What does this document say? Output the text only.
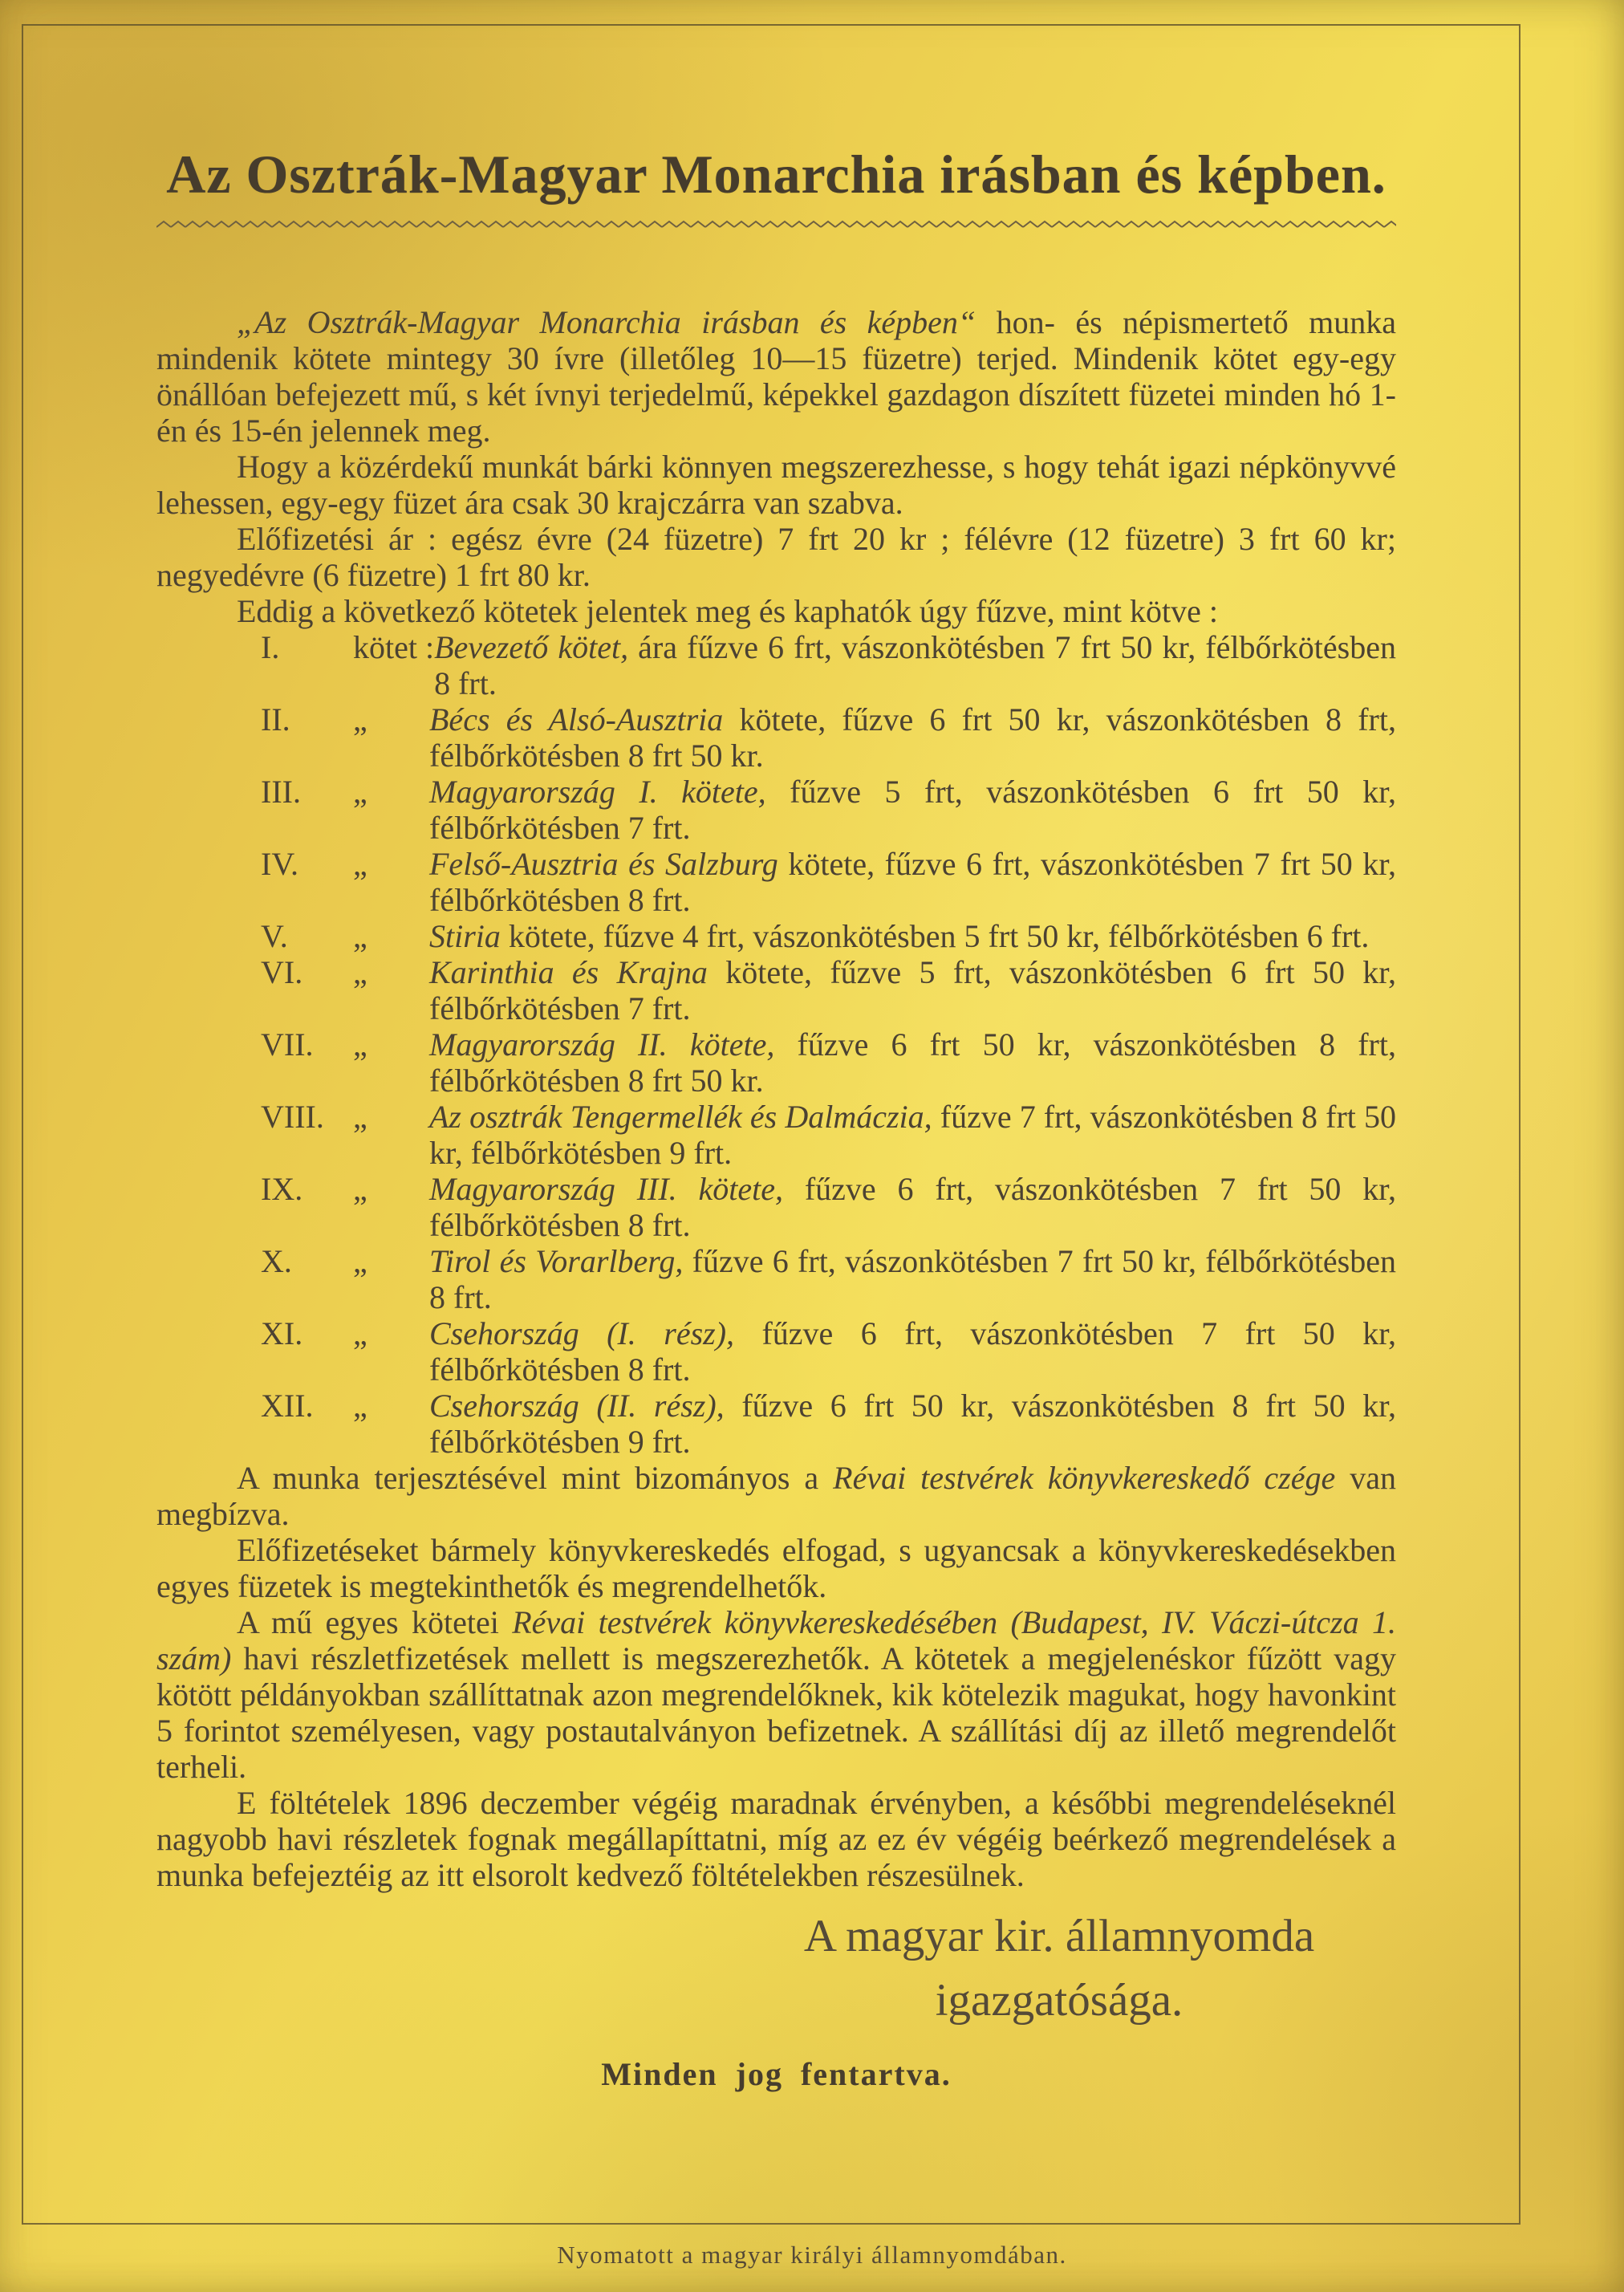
Az Osztrák-Magyar Monarchia irásban és képben.

„Az Osztrák-Magyar Monarchia irásban és képben“ hon- és népismertető munka mindenik kötete mintegy 30 ívre (illetőleg 10—15 füzetre) terjed. Mindenik kötet egy-egy önállóan befejezett mű, s két ívnyi terjedelmű, képekkel gazdagon díszített füzetei minden hó 1-én és 15-én jelennek meg.

Hogy a közérdekű munkát bárki könnyen megszerezhesse, s hogy tehát igazi népkönyvvé lehessen, egy-egy füzet ára csak 30 krajczárra van szabva.

Előfizetési ár : egész évre (24 füzetre) 7 frt 20 kr ; félévre (12 füzetre) 3 frt 60 kr; negyedévre (6 füzetre) 1 frt 80 kr.

Eddig a következő kötetek jelentek meg és kaphatók úgy fűzve, mint kötve :

I.	kötet : Bevezető kötet, ára fűzve 6 frt, vászonkötésben 7 frt 50 kr, félbőrkötésben 8 frt.
II.	„	Bécs és Alsó-Ausztria kötete, fűzve 6 frt 50 kr, vászonkötésben 8 frt, félbőrkötésben 8 frt 50 kr.
III.	„	Magyarország I. kötete, fűzve 5 frt, vászonkötésben 6 frt 50 kr, félbőrkötésben 7 frt.
IV.	„	Felső-Ausztria és Salzburg kötete, fűzve 6 frt, vászonkötésben 7 frt 50 kr, félbőrkötésben 8 frt.
V.	„	Stiria kötete, fűzve 4 frt, vászonkötésben 5 frt 50 kr, félbőrkötésben 6 frt.
VI.	„	Karinthia és Krajna kötete, fűzve 5 frt, vászonkötésben 6 frt 50 kr, félbőrkötésben 7 frt.
VII.	„	Magyarország II. kötete, fűzve 6 frt 50 kr, vászonkötésben 8 frt, félbőrkötésben 8 frt 50 kr.
VIII. „	Az osztrák Tengermellék és Dalmáczia, fűzve 7 frt, vászonkötésben 8 frt 50 kr, félbőrkötésben 9 frt.
IX.	„	Magyarország III. kötete, fűzve 6 frt, vászonkötésben 7 frt 50 kr, félbőrkötésben 8 frt.
X.	„	Tirol és Vorarlberg, fűzve 6 frt, vászonkötésben 7 frt 50 kr, félbőrkötésben 8 frt.
XI.	„	Csehország (I. rész), fűzve 6 frt, vászonkötésben 7 frt 50 kr, félbőrkötésben 8 frt.
XII.	„	Csehország (II. rész), fűzve 6 frt 50 kr, vászonkötésben 8 frt 50 kr, félbőrkötésben 9 frt.

A munka terjesztésével mint bizományos a Révai testvérek könyvkereskedő czége van megbízva.

Előfizetéseket bármely könyvkereskedés elfogad, s ugyancsak a könyvkereskedésekben egyes füzetek is megtekinthetők és megrendelhetők.

A mű egyes kötetei Révai testvérek könyvkereskedésében (Budapest, IV. Váczi-útcza 1. szám) havi részletfizetések mellett is megszerezhetők. A kötetek a megjelenéskor fűzött vagy kötött példányokban szállíttatnak azon megrendelőknek, kik kötelezik magukat, hogy havonkint 5 forintot személyesen, vagy postautalványon befizetnek. A szállítási díj az illető megrendelőt terheli.

E föltételek 1896 deczember végéig maradnak érvényben, a későbbi megrendeléseknél nagyobb havi részletek fognak megállapíttatni, míg az ez év végéig beérkező megrendelések a munka befejeztéig az itt elsorolt kedvező föltételekben részesülnek.

A magyar kir. államnyomda
igazgatósága.
Minden jog fentartva.
Nyomatott a magyar királyi államnyomdában.
